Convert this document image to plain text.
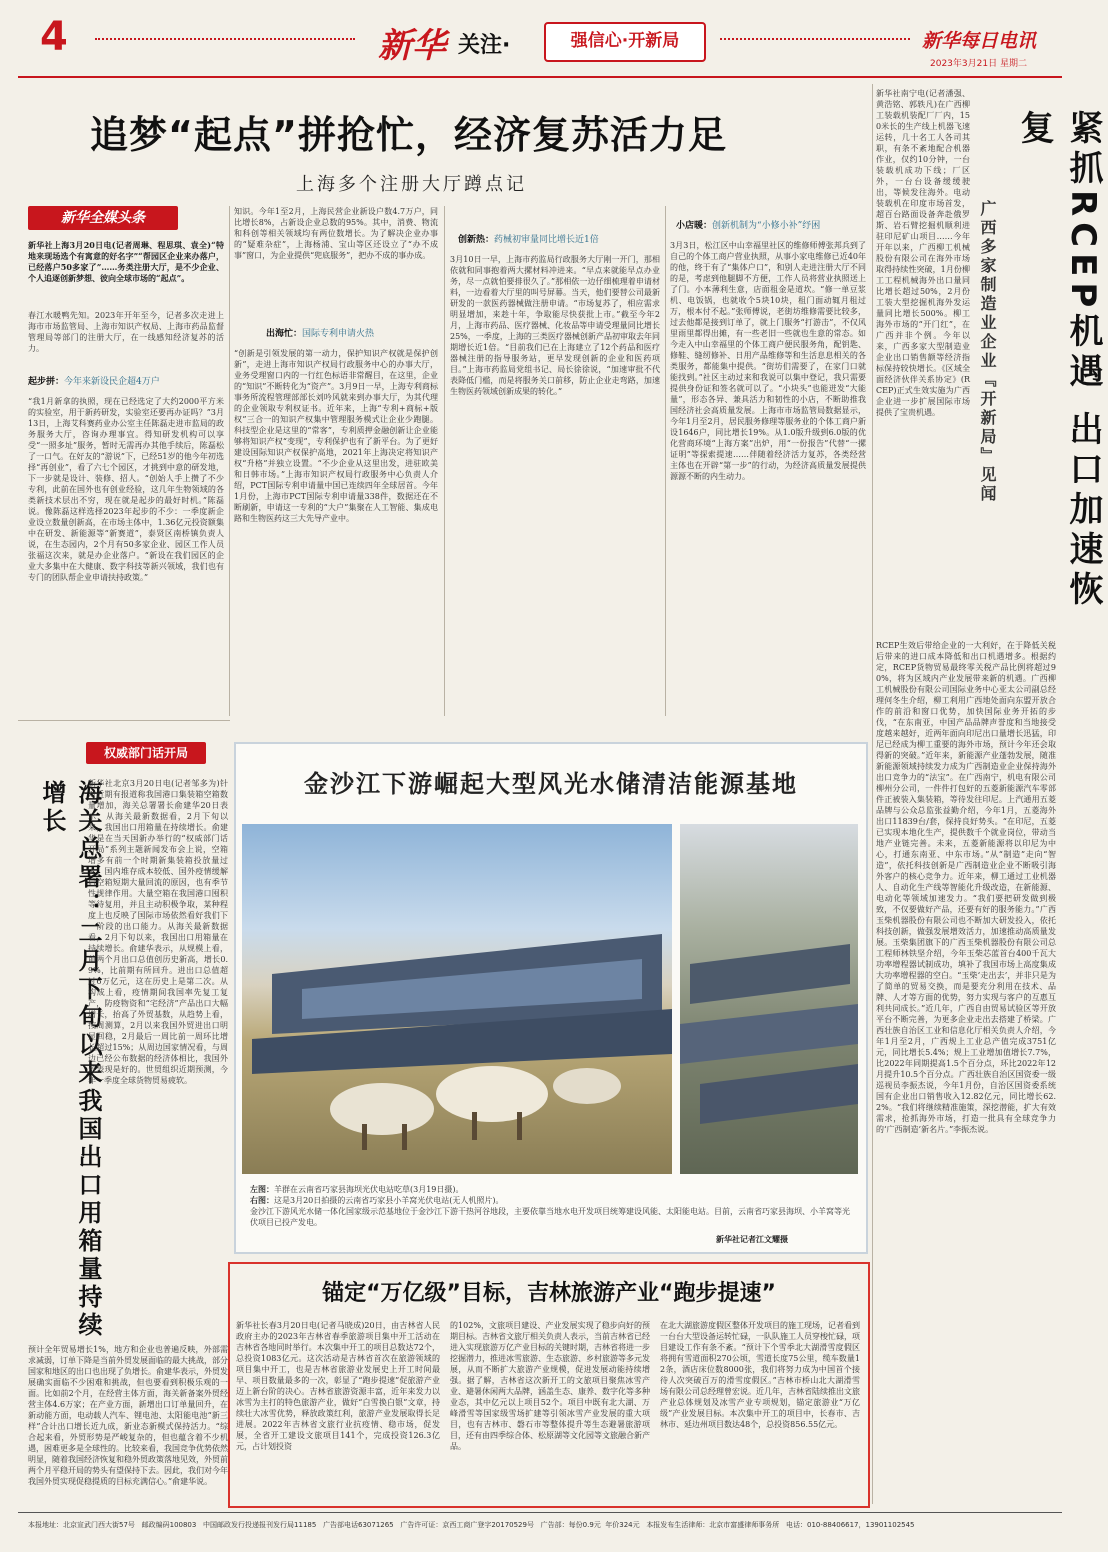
4	新华 关注·	强信心·开新局	新华每日电讯
2023年3月21日 星期二
追梦“起点”拼抢忙，经济复苏活力足
上海多个注册大厅蹲点记
新华全媒头条
新华社上海3月20日电(记者周琳、程思琪、袁全)“特地来现场选个有寓意的好名字”“帮园区企业来办落户，已经落户50多家了”……务类注册大厅，是不少企业、个人追逐创新梦想、彼向全球市场的“起点”。
春江水暖鸭先知。2023年开年至今，记者多次走进上海市市场监管局、上海市知识产权局、上海市药品监督管理局等部门的注册大厅，在一线感知经济复苏的活力。
起步拼：今年来新设民企超4万户
“我1月新拿的执照，现在已经选定了大约2000平方米的实验室，用于新药研发，实验室还要再办证吗？”3月13日，上海艾科赛药业办公室主任陈磊走进市监局的政务服务大厅，咨询办理事宜。得知研发机构可以享受“一照多址”服务，暂时无需再办其他手续后，陈磊松了一口气。在好友的“游说”下，已经51岁的他今年初选择“再创业”，看了六七个园区，才挑到中意的研发地，下一步就是设计、装修、招人。“创始人手上攒了不少专利，此前在国外也有创业经验，这几年生物领域的各类新技术层出不穷，现在就是起步的最好时机。”陈磊说。像陈磊这样选择2023年起步的不少：一季度新企业设立数量创新高，在市场主体中，1.36亿元投资额集中在研发、新能源等“新赛道”，泰贤区南桥镇负责人说，在生态园内，2个月有50多家企业、园区工作人员张福这次来，就是办企业落户。“新设在我们园区的企业大多集中在大健康、数字科技等新兴领域，我们也有专门的团队帮企业申请扶持政策。”
知识。今年1至2月，上海民营企业新设户数4.7万户，同比增长8%，占新设企业总数的95%。其中，消费、物流和科创等相关领域均有两位数增长。为了解决企业办事的“疑难杂症”，上海杨浦、宝山等区还设立了“办不成事”窗口，为企业提供“兜底服务”，把办不成的事办成。
出海忙：国际专利申请火热
“创新是引领发展的第一动力，保护知识产权就是保护创新”，走进上海市知识产权局行政服务中心的办事大厅，业务受理窗口内的一行红色标语非常醒目，在这里，企业的“知识”不断转化为“资产”。3月9日一早，上海专利商标事务所流程管理部部长刘吟风就来到办事大厅，为其代理的企业领取专利权证书。近年来，上海“专利+商标+版权”三合一的知识产权集中管理服务模式让企业少跑腿。科技型企业是这里的“常客”，专利质押金融创新让企业能够将知识产权“变现”，专利保护也有了新平台。为了更好建设国际知识产权保护高地，2021年上海决定将知识产权“升格”并独立设置。“不少企业从这里出发，进驻欧美和日韩市场。”上海市知识产权局行政服务中心负责人介绍，PCT国际专利申请量中国已连续四年全球居首。今年1月份，上海市PCT国际专利申请量338件，数据还在不断刷新，申请这一专利的“大户”集聚在人工智能、集成电路和生物医药这三大先导产业中。
创新热：药械初审量同比增长近1倍
3月10日一早，上海市药监局行政服务大厅刚一开门，那相依就和同事抱着两大摞材料冲进来。“早点来就能早点办业务，尽一点就怕要排很久了。”那相依一边仔细梳理着申请材料，一边看着大厅里的叫号屏幕。当天，他们要替公司最新研发的一款医药器械做注册申请。“市场复苏了，相应需求明显增加，来趁十年，争取能尽快获批上市。”截至今年2月，上海市药品、医疗器械、化妆品等申请受理量同比增长25%，一季度，上海的三类医疗器械创新产品初审取去年同期增长近1倍。“目前我们已在上海建立了12个药品和医疗器械注册的指导服务站，更早发现创新的企业和医药项目。”上海市药监局党组书记、局长徐徐说，“加速审批不代表降低门槛，而是将服务关口前移，防止企业走弯路，加速生物医药领域创新成果的转化。”
小店暖：创新机制为“小修小补”纾困
3月3日，松江区中山幸福里社区的维修师傅张邦兵到了自己的个体工商户营业执照，从事小家电维修已近40年的他，终于有了“集体户口”，和别人走进注册大厅不同的是，考虑到他腿脚不方便，工作人员将营业执照送上了门。小本薄利生意，店面租金是道坎。“修一单豆浆机、电饭锅，也就收个5块10块，租门面动辄月租过万，根本付不起。”张师傅说，老街坊维修需要比较多，过去他都是接到订单了，就上门服务“打游击”，不仅风里雨里都得出摊，有一些老旧一些就也生意的常态。如今走入中山幸福里的个体工商户便民服务角，配钥匙、修鞋、缝纫修补、日用产品维修等和生活息息相关的各类服务，都能集中提供。“街坊们需要了，在家门口就能找到。”社区主动过来和我说可以集中登记，我只需要提供身份证和签名就可以了。“小块头”也能迸发“大能量”，形态各异、兼具活力和韧性的小店，不断助推我国经济社会高质量发展。上海市市场监管局数据显示，今年1月至2月，居民服务修理等服务业的个体工商户新设1646户，同比增长19%。从1.0版升级到6.0版的优化营商环境“上海方案”出炉，用“一份报告”代替“一摞证明”等探索提速……伴随着经济活力复苏，各类经营主体也在开辟“第一步”的行动，为经济高质量发展提供源源不断的内生动力。
新华社南宁电(记者潘强、黄浩铭、郭轶凡)在广西柳工装载机装配厂厂内，150米长的生产线上机器飞速运转，几十名工人各司其职，有条不紊地配合机器作业，仅约10分钟，一台装载机成功下线；厂区外，一台台设备缓缓驶出，等候发往海外。电动装载机在印度市场首发，超百台路面设备奔赴俄罗斯、岩石臂挖掘机顺利进驻印尼矿山项目……今年开年以来，广西柳工机械股份有限公司在海外市场取得持续性突破，1月份柳工工程机械海外出口量同比增长超过50%，2月份工装大型挖掘机海外发运量同比增长500%。柳工海外市场的“开门红”，在广西并非个例。今年以来，广西多家大型制造业企业出口销售额等经济指标保持较快增长。《区域全面经济伙伴关系协定》(RCEP)正式生效实施为广西企业进一步扩展国际市场提供了宝贵机遇。	紧抓RCEP机遇 出口加速恢复
广西多家制造业企业『开新局』见闻
RCEP生效后带给企业的一大利好，在于降低关税后带来的进口成本降低和出口机遇增多。根据约定，RCEP货物贸易最终零关税产品比例将超过90%，将为区域内产业发展带来新的机遇。广西柳工机械股份有限公司国际业务中心亚太公司副总经理何冬生介绍，柳工利用广西地处面向东盟开放合作的前沿和窗口优势，加快国际业务开拓的步伐，“在东南亚，中国产品品牌声誉度和当地接受度越来越好，近两年面向印尼出口量增长迅猛，印尼已经成为柳工重要的海外市场，预计今年还会取得新的突破。”近年来，新能源产业蓬勃发展，随准新能源领域持续发力成为广西制造业企业保持海外出口竞争力的“法宝”。在广西南宁，机电有限公司柳州分公司，一件件打包好的五菱新能源汽车零部件正被装入集装箱，等待发往印尼。上汽通用五菱品牌与公众总监张益勤介绍，今年1月，五菱海外出口11839台/套，保持良好势头。“在印尼，五菱已实现本地化生产，提供数千个就业岗位，带动当地产业链完善。未来，五菱新能源将以印尼为中心，打通东南亚、中东市场。”从“制造”走向“智造”，依托科技创新是广西制造业企业不断吸引海外客户的核心竞争力。近年来，柳工通过工业机器人、自动化生产线等智能化升级改造，在新能源、电动化等领域加速发力。“我们要把研发做到极致，不仅要做好产品，还要有好的服务能力。”广西玉柴机器股份有限公司也不断加大研发投入，依托科技创新，做强发展增效活力，加速推动高质量发展。玉柴集团旗下的广西玉柴机器股份有限公司总工程师林铁坚介绍，今年玉柴芯蓝首台400千瓦大功率增程器试制成功，填补了我国市场上高度集成大功率增程器的空白。“玉柴‘走出去’，并非只是为了简单的贸易交换，而是要充分利用在技术、品牌、人才等方面的优势，努力实现与客户的互惠互利共同成长。”近几年，广西自由贸易试验区等开放平台不断完善，为更多企业走出去搭建了桥梁。广西壮族自治区工业和信息化厅相关负责人介绍，今年1月至2月，广西规上工业总产值完成3751亿元，同比增长5.4%；规上工业增加值增长7.7%，比2022年同期提高1.5个百分点，环比2022年12月提升10.5个百分点。广西壮族自治区国资委一级巡视员李振杰说，今年1月份，自治区国资委系统国有企业出口销售收入12.82亿元，同比增长62.2%。“我们将继续精准施策，深挖潜能，扩大有效需求，抢抓海外市场，打造一批具有全球竞争力的‘广西制造’新名片。”李振杰说。
权威部门话开局
海关总署：二月下旬以来我国出口用箱量持续增长	新华社北京3月20日电(记者邹多为)针对近期有报道称我国港口集装箱空箱数量增加，海关总署署长俞建华20日表示，从海关最新数据看，2月下旬以来，我国出口用箱量在持续增长。俞建华是在当天国新办举行的“权威部门话开局”系列主题新闻发布会上说，空箱增多有前一个时期新集装箱投放量过大、国内堆存成本较低、国外疫情缓解后空箱短期大量回流的原因，也有季节性规律作用。大量空箱在我国港口囤积等待复用，并且主动积极争取，某种程度上也反映了国际市场依然看好我们下一阶段的出口能力。从海关最新数据看，2月下旬以来，我国出口用箱量在持续增长。俞建华表示，从规模上看，前两个月出口总值创历史新高，增长0.9%，比前期有所回升。进出口总值超过6万亿元，这在历史上是第二次。从构成上看，疫情期间我国率先复工复产，防疫物资和“宅经济”产品出口大幅增长，抬高了外贸基数，从趋势上看，按周测算，2月以来我国外贸进出口明显回稳，2月最后一周比前一周环比增长超过15%；从周边国家情况看，与周边已经公布数据的经济体相比，我国外贸表现是好的。世贸组织近期预测，今年一季度全球货物贸易疲软。
预计全年贸易增长1%，地方和企业也普遍反映，外部需求减弱，订单下降是当前外贸发展面临的最大挑战，部分国家和地区的出口也出现了负增长。俞建华表示，外贸发展确实面临不少困难和挑战，但也要看到积极乐观的一面。比如前2个月，在经营主体方面，海关新备案外贸经营主体4.6万家；在产业方面，新增出口订单量回升，在新动能方面，电动载人汽车、锂电池、太阳能电池“新三样”合计出口增长近九成，新业态新模式保持活力。“综合起来看，外贸形势是严峻复杂的，但也蕴含着不少机遇，困难更多是全球性的。比较来看，我国竞争优势依然明显，随着我国经济恢复和稳外贸政策落地见效，外贸前两个月平稳开局的势头有望保持下去。因此，我们对今年我国外贸实现促稳提质的目标充满信心。”俞建华说。
金沙江下游崛起大型风光水储清洁能源基地
左图：羊群在云南省巧家县海坝光伏电站吃草(3月19日摄)。
右图：这是3月20日拍摄的云南省巧家县小羊窝光伏电站(无人机照片)。
金沙江下游风光水储一体化国家级示范基地位于金沙江下游干热河谷地段，主要依靠当地水电开发项目统筹建设风能、太阳能电站。目前，云南省巧家县海坝、小羊窝等光伏项目已投产发电。
新华社记者江文耀摄
锚定“万亿级”目标，吉林旅游产业“跑步提速”
新华社长春3月20日电(记者马晓成)20日，由吉林省人民政府主办的2023年吉林省春季旅游项目集中开工活动在吉林省各地同时举行。本次集中开工的项目总数达72个，总投资1083亿元。这次活动是吉林省首次在旅游领域的项目集中开工，也是吉林省旅游业发展史上开工时间最早、项目数量最多的一次，彰显了“跑步提速”促旅游产业迈上新台阶的决心。吉林省旅游资源丰富，近年来发力以冰雪为主打的特色旅游产业，做好“白雪换白银”文章，持续壮大冰雪优势，释放政策红利，旅游产业发展取得长足进展。2022年吉林省文旅行业抗疫情、稳市场，促发展，全省开工建设文旅项目141个，完成投资126.3亿元，占计划投资
的102%，文旅项目建设、产业发展实现了稳步向好的预期目标。吉林省文旅厅相关负责人表示，当前吉林省已经进入实现旅游万亿产业目标的关键时期，吉林省将进一步挖掘潜力，推进冰雪旅游、生态旅游、乡村旅游等多元发展，从而不断扩大旅游产业规模，促进发展动能持续增强。据了解，吉林省这次新开工的文旅项目聚焦冰雪产业、避暑休闲两大品牌，涵盖生态、康养、数字化等多种业态，其中亿元以上项目52个。项目中既有北大湖、万峰滑雪等国家级雪场扩建等引领冰雪产业发展的重大项目，也有吉林市、磐石市等整体提升等生态避暑旅游项目，还有由四季综合体、松原湖等文化园等文旅融合新产品。
在北大湖旅游度假区整体开发项目的施工现场，记者看到一台台大型设备运转忙碌，一队队施工人员穿梭忙碌，项目建设工作有条不紊。“预计下个雪季北大湖滑雪度假区将拥有雪道面积270公顷，雪道长度75公里，缆车数量12条，酒店床位数8000张，我们将努力成为中国首个接待人次突破百万的滑雪度假区。”吉林市桥山北大湖滑雪场有限公司总经理曾宏说。近几年，吉林省陆续推出文旅产业总体规划及冰雪产业专项规划，锚定旅游业“万亿级”产业发展目标。本次集中开工的项目中，长春市、吉林市、延边州项目数达48个，总投资856.55亿元。
本报地址：北京宣武门西大街57号 邮政编码100803 中国邮政发行投递报刊发行局11185 广告部电话63071265 广告许可证：京西工商广登字20170529号 广告部：每份0.9元 年价324元 本报发布生活律师：北京市富盛律师事务所 电话：010-88406617，13901102545
